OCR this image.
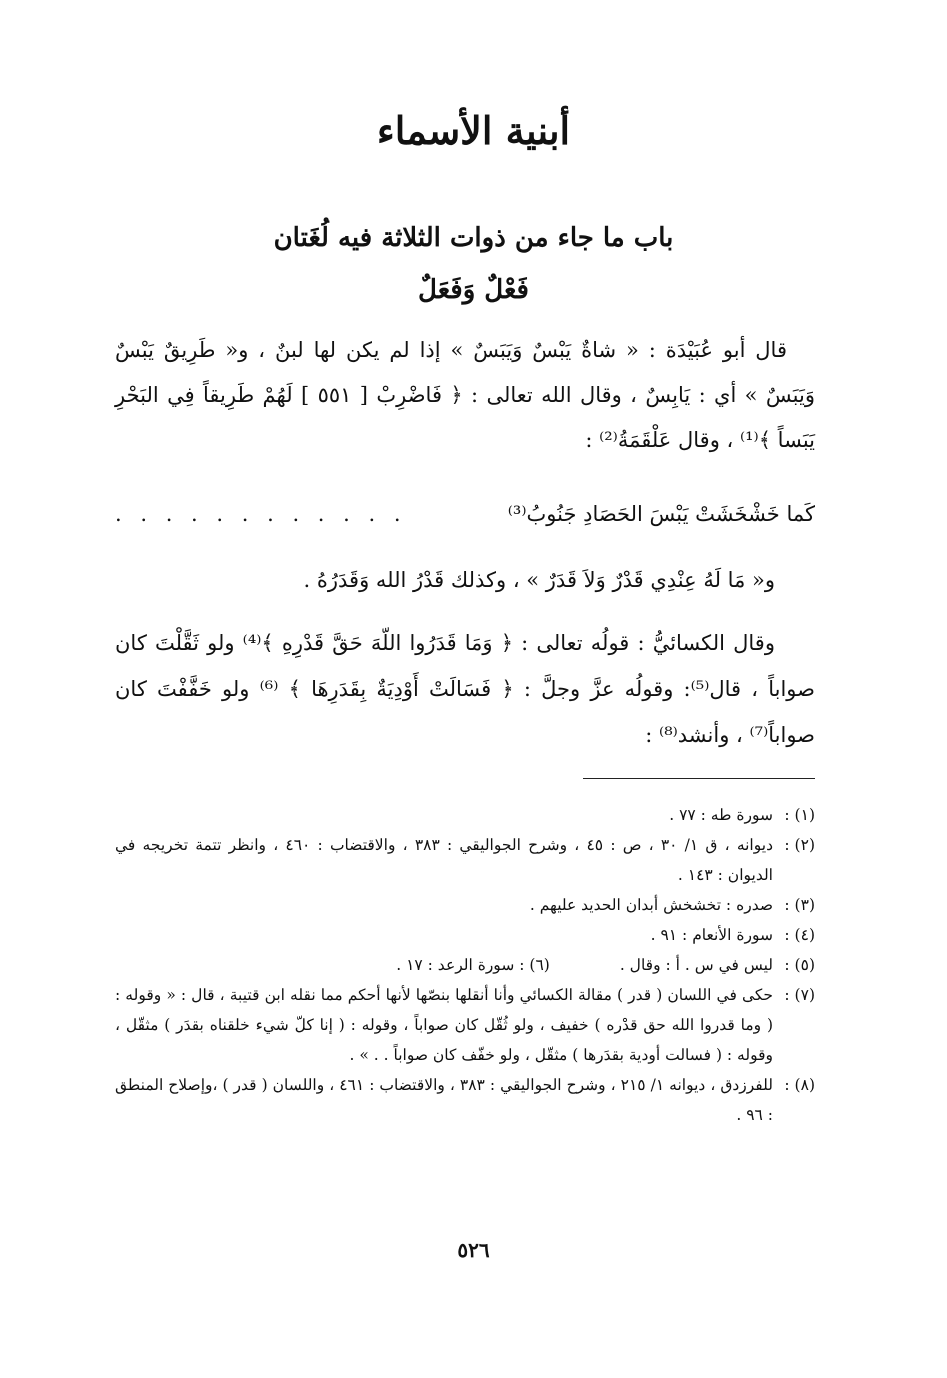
أبنية الأسماء
باب ما جاء من ذوات الثلاثة فيه لُغَتان
فَعْلٌ وَفَعَلٌ

قال أبو عُبَيْدَة : « شاةٌ يَبْسٌ وَيَبَسٌ » إذا لم يكن لها لبنٌ ، و« طَرِيقٌ يَبْسٌ وَيَبَسٌ » أي : يَابِسٌ ، وقال الله تعالى : ﴿ فَاضْرِبْ [ ٥٥١ ] لَهُمْ طَرِيقاً فِي البَحْرِ يَبَساً ﴾⁽¹⁾ ، وقال عَلْقَمَةُ⁽²⁾ :

كَما خَشْخَشَتْ يَبْسَ الحَصَادِ جَنُوبُ⁽³⁾
. . . . . . . . . . . .

و« مَا لَهُ عِنْدِي قَدْرٌ وَلاَ قَدَرٌ » ، وكذلك قَدْرُ الله وَقَدَرُهُ .

وقال الكسائيُّ : قولُه تعالى : ﴿ وَمَا قَدَرُوا اللّهَ حَقَّ قَدْرِهِ ﴾⁽⁴⁾ ولو ثَقَّلْتَ كان صواباً ، قال⁽⁵⁾: وقولُه عزَّ وجلَّ : ﴿ فَسَالَتْ أَوْدِيَةٌ بِقَدَرِهَا ﴾ ⁽⁶⁾ ولو خَفَّفْتَ كان صواباً⁽⁷⁾ ، وأنشد⁽⁸⁾ :

(١) :
سورة طه : ٧٧ .
(٢) :
ديوانه ، ق ١/ ٣٠ ، ص : ٤٥ ، وشرح الجواليقي : ٣٨٣ ، والاقتضاب : ٤٦٠ ، وانظر تتمة تخريجه في الديوان : ١٤٣ .
(٣) :
صدره : تخشخش أبدان الحديد عليهم .
(٤) :
سورة الأنعام : ٩١ .
(٥) :
ليس في س . أ : وقال .
(٦) : سورة الرعد : ١٧ .
(٧) :
حكى في اللسان ( قدر ) مقالة الكسائي وأنا أنقلها بنصّها لأنها أحكم مما نقله ابن قتيبة ، قال : « وقوله : ( وما قدروا الله حق قدْره ) خفيف ، ولو ثُقّل كان صواباً ، وقوله : ( إنا كلّ شيء خلقناه بقدَر ) مثقّل ، وقوله : ( فسالت أودية بقدَرها ) مثقّل ، ولو خفّف كان صواباً . . » .
(٨) :
للفرزدق ، ديوانه ١/ ٢١٥ ، وشرح الجواليقي : ٣٨٣ ، والاقتضاب : ٤٦١ ، واللسان ( قدر ) ،وإصلاح المنطق : ٩٦ .
٥٢٦
